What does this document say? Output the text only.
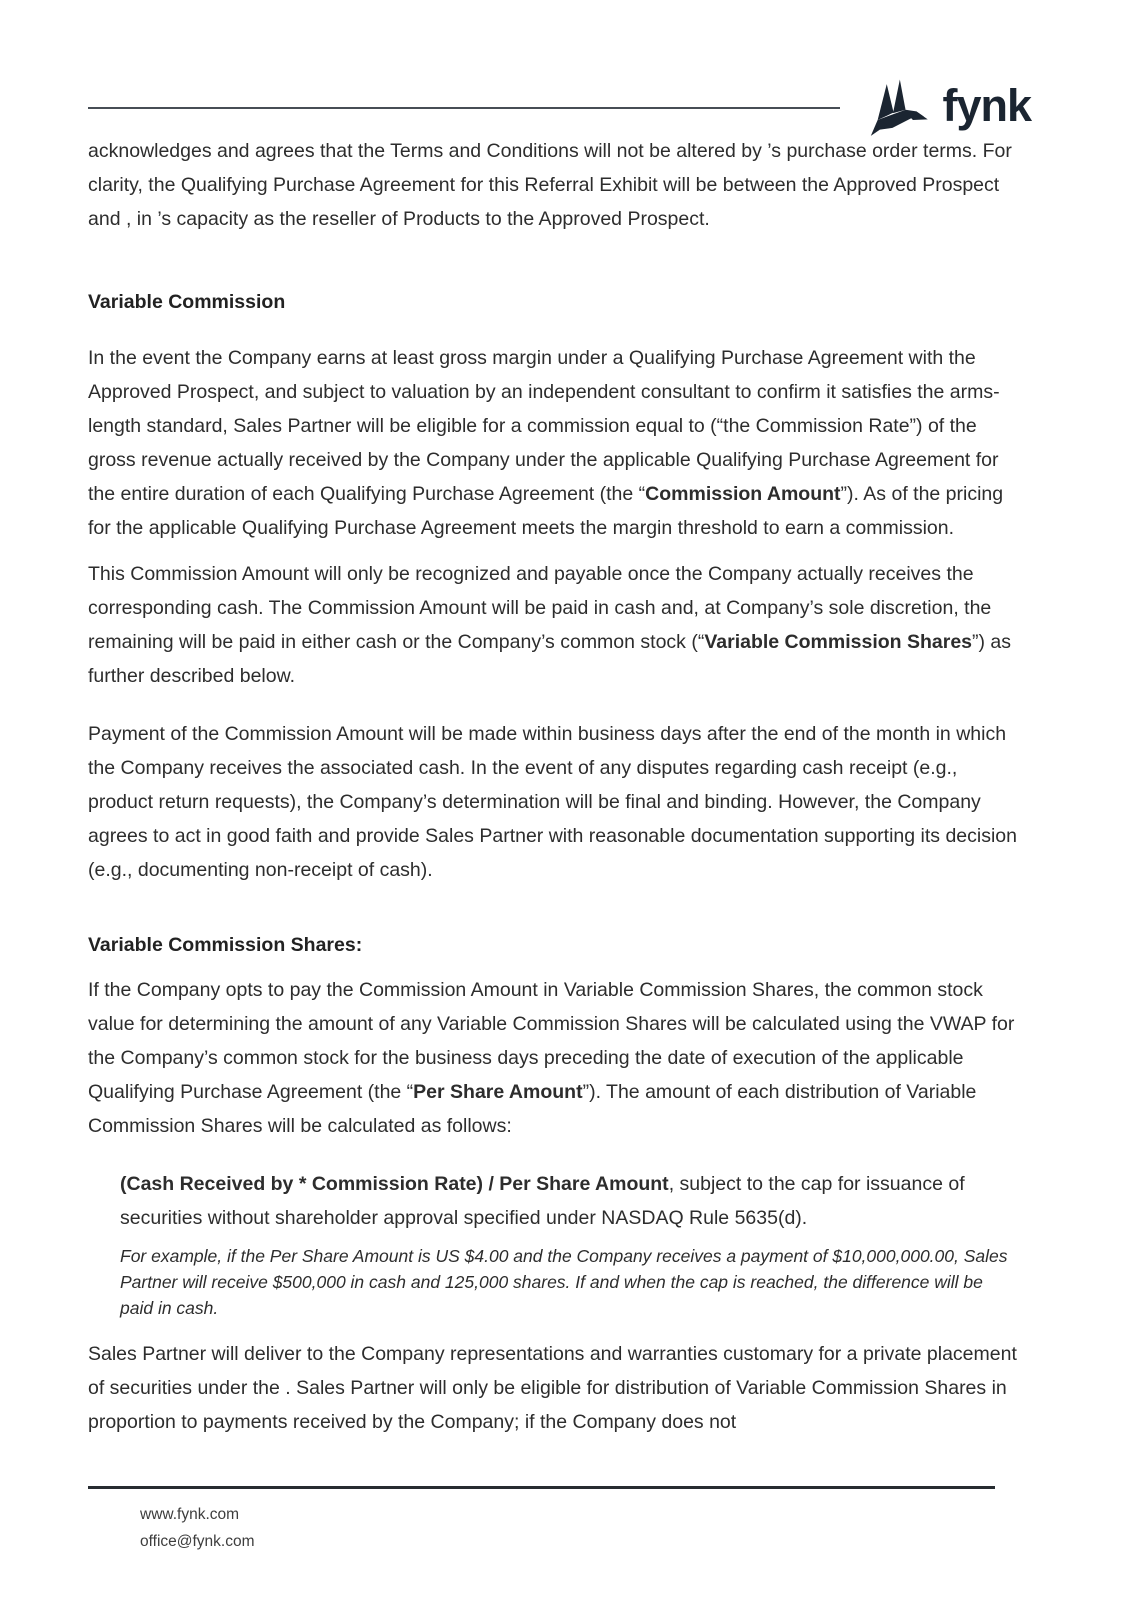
fynk

acknowledges and agrees that the Terms and Conditions will not be altered by ’s purchase order terms. For clarity, the Qualifying Purchase Agreement for this Referral Exhibit will be between the Approved Prospect and , in ’s capacity as the reseller of Products to the Approved Prospect.

Variable Commission

In the event the Company earns at least gross margin under a Qualifying Purchase Agreement with the Approved Prospect, and subject to valuation by an independent consultant to confirm it satisfies the arms-length standard, Sales Partner will be eligible for a commission equal to (“the Commission Rate”) of the gross revenue actually received by the Company under the applicable Qualifying Purchase Agreement for the entire duration of each Qualifying Purchase Agreement (the “Commission Amount”). As of the pricing for the applicable Qualifying Purchase Agreement meets the margin threshold to earn a commission.

This Commission Amount will only be recognized and payable once the Company actually receives the corresponding cash. The Commission Amount will be paid in cash and, at Company’s sole discretion, the remaining will be paid in either cash or the Company’s common stock (“Variable Commission Shares”) as further described below.

Payment of the Commission Amount will be made within business days after the end of the month in which the Company receives the associated cash. In the event of any disputes regarding cash receipt (e.g., product return requests), the Company’s determination will be final and binding. However, the Company agrees to act in good faith and provide Sales Partner with reasonable documentation supporting its decision (e.g., documenting non-receipt of cash).

Variable Commission Shares:

If the Company opts to pay the Commission Amount in Variable Commission Shares, the common stock value for determining the amount of any Variable Commission Shares will be calculated using the VWAP for the Company’s common stock for the business days preceding the date of execution of the applicable Qualifying Purchase Agreement (the “Per Share Amount”). The amount of each distribution of Variable Commission Shares will be calculated as follows:

(Cash Received by * Commission Rate) / Per Share Amount, subject to the cap for issuance of securities without shareholder approval specified under NASDAQ Rule 5635(d).

For example, if the Per Share Amount is US $4.00 and the Company receives a payment of $10,000,000.00, Sales Partner will receive $500,000 in cash and 125,000 shares. If and when the cap is reached, the difference will be paid in cash.

Sales Partner will deliver to the Company representations and warranties customary for a private placement of securities under the . Sales Partner will only be eligible for distribution of Variable Commission Shares in proportion to payments received by the Company; if the Company does not

www.fynk.com
office@fynk.com
